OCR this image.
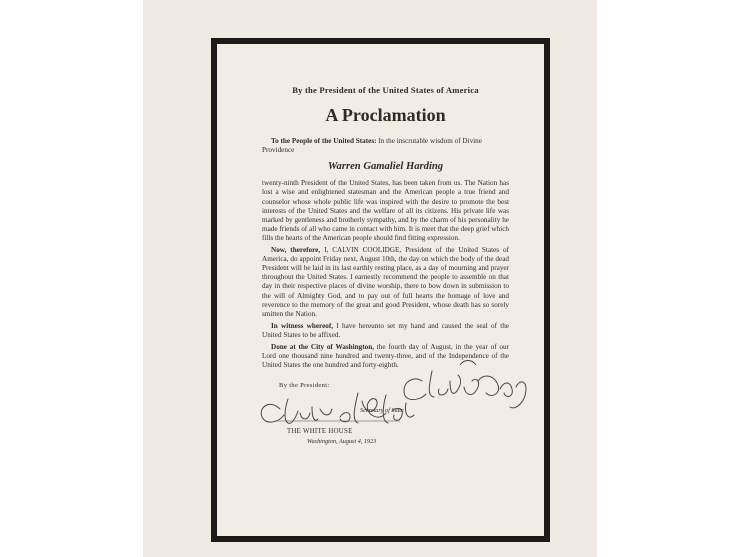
By the President of the United States of America
A Proclamation
To the People of the United States: In the inscrutable wisdom of Divine Providence
Warren Gamaliel Harding

twenty-ninth President of the United States, has been taken from us. The Nation has lost a wise and enlightened statesman and the American people a true friend and counselor whose whole public life was inspired with the desire to promote the best interests of the United States and the welfare of all its citizens. His private life was marked by gentleness and brotherly sympathy, and by the charm of his personality he made friends of all who came in contact with him. It is meet that the deep grief which fills the hearts of the American people should find fitting expression.

Now, therefore, I, CALVIN COOLIDGE, President of the United States of America, do appoint Friday next, August 10th, the day on which the body of the dead President will be laid in its last earthly resting place, as a day of mourning and prayer throughout the United States. I earnestly recommend the people to assemble on that day in their respective places of divine worship, there to bow down in submission to the will of Almighty God, and to pay out of full hearts the homage of love and reverence to the memory of the great and good President, whose death has so sorely smitten the Nation.

In witness whereof, I have hereunto set my hand and caused the seal of the United States to be affixed.

Done at the City of Washington, the fourth day of August, in the year of our Lord one thousand nine hundred and twenty-three, and of the Independence of the United States the one hundred and forty-eighth.

By the President:
Secretary of State
THE WHITE HOUSE
Washington, August 4, 1923
